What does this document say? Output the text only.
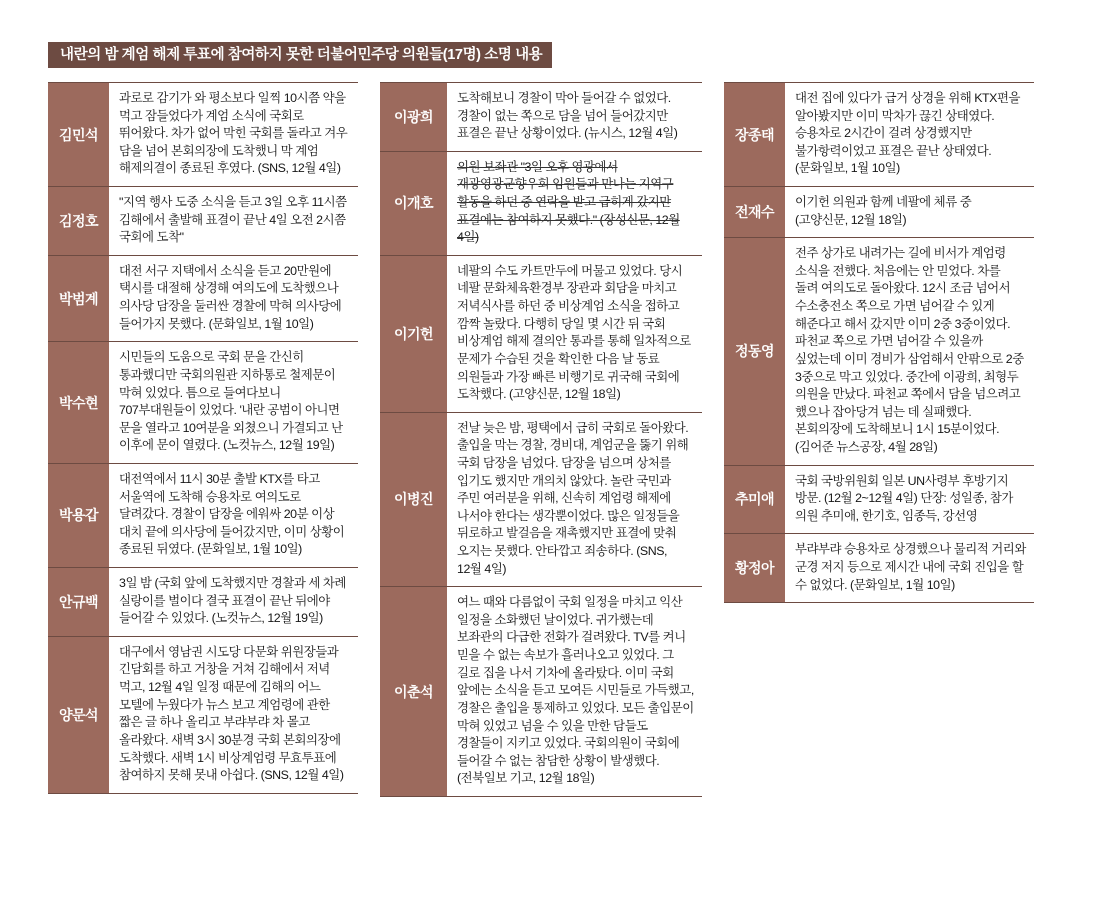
내란의 밤 계엄 해제 투표에 참여하지 못한 더불어민주당 의원들(17명) 소명 내용
김민석
과로로 감기가 와 평소보다 일찍 10시쯤 약을 먹고 잠들었다가 계엄 소식에 국회로 뛰어왔다. 차가 없어 막힌 국회를 돌라고 겨우 담을 넘어 본회의장에 도착했니 막 계엄 해제의결이 종료된 후였다. (SNS, 12월 4일)
김정호
"지역 행사 도중 소식을 듣고 3일 오후 11시쯤 김해에서 출발해 표결이 끝난 4일 오전 2시쯤 국회에 도착"
박범계
대전 서구 지택에서 소식을 듣고 20만원에 택시를 대절해 상경해 여의도에 도착했으나 의사당 담장을 둘러싼 경찰에 막혀 의사당에 들어가지 못했다. (문화일보, 1월 10일)
박수현
시민들의 도움으로 국회 문을 간신히 통과했디만 국회의원관 지하통로 철제문이 막혀 있었다. 틈으로 들여다보니 707부대원들이 있었다. '내란 공범이 아니면 문을 열라고 10여분을 외쳤으니 가결되고 난 이후에 문이 열렸다. (노컷뉴스, 12월 19일)
박용갑
대전역에서 11시 30분 출발 KTX를 타고 서울역에 도착해 승용차로 여의도로 달려갔다. 경찰이 담장을 에워싸 20분 이상 대치 끝에 의사당에 들어갔지만, 이미 상황이 종료된 뒤였다. (문화일보, 1월 10일)
안규백
3일 밤 (국회 앞에 도착했지만 경찰과 세 차례 실랑이를 벌이다 결국 표결이 끝난 뒤에야 들어갈 수 있었다. (노컷뉴스, 12월 19일)
양문석
대구에서 영남권 시도당 다문화 위원장들과 긴담회를 하고 거창을 거쳐 김해에서 저녁 먹고, 12월 4일 일정 때문에 김해의 어느 모텔에 누웠다가 뉴스 보고 계엄령에 관한 짧은 글 하나 올리고 부랴부랴 차 몰고 올라왔다. 새벽 3시 30분경 국회 본회의장에 도착했다. 새벽 1시 비상계엄령 무효투표에 참여하지 못해 못내 아쉽다. (SNS, 12월 4일)
이광희
도착해보니 경찰이 막아 들어갈 수 없었다. 경찰이 없는 쪽으로 담을 넘어 들어갔지만 표결은 끝난 상황이었다. (뉴시스, 12월 4일)
이개호
의원 보좌관 "3일 오후 영광에서 재광영광군향우회 임원들과 만나는 지역구 활동을 하던 중 연락을 받고 급히게 갔지만 표결에는 참여하지 못했다." (장성신문, 12월 4일)
이기헌
네팔의 수도 카트만두에 머물고 있었다. 당시 네팔 문화체육환경부 장관과 회담을 마치고 저녁식사를 하던 중 비상계엄 소식을 접하고 깜짝 놀랐다. 다행히 당일 몇 시간 뒤 국회 비상계엄 해제 결의안 통과를 통해 일차적으로 문제가 수습된 것을 확인한 다음 날 동료 의원들과 가장 빠른 비행기로 귀국해 국회에 도착했다. (고양신문, 12월 18일)
이병진
전날 늦은 밤, 평택에서 급히 국회로 돌아왔다. 출입을 막는 경찰, 경비대, 계엄군을 뚫기 위해 국회 담장을 넘었다. 담장을 넘으며 상처를 입기도 했지만 개의치 않았다. 놀란 국민과 주민 여러분을 위해, 신속히 계엄령 해제에 나서야 한다는 생각뿐이었다. 많은 일정들을 뒤로하고 발걸음을 재촉했지만 표결에 맞춰 오지는 못했다. 안타깝고 죄송하다. (SNS, 12월 4일)
이춘석
여느 때와 다름없이 국회 일정을 마치고 익산 일정을 소화했던 날이었다. 귀가했는데 보좌관의 다급한 전화가 걸려왔다. TV를 켜니 믿을 수 없는 속보가 흘러나오고 있었다. 그 길로 집을 나서 기차에 올라탔다. 이미 국회 앞에는 소식을 듣고 모여든 시민들로 가득했고, 경찰은 출입을 통제하고 있었다. 모든 출입문이 막혀 있었고 넘을 수 있을 만한 담들도 경찰들이 지키고 있었다. 국회의원이 국회에 들어갈 수 없는 참담한 상황이 발생했다. (전북일보 기고, 12월 18일)
장종태
대전 집에 있다가 급거 상경을 위해 KTX편을 알아봤지만 이미 막차가 끊긴 상태였다. 승용차로 2시간이 걸려 상경했지만 불가항력이었고 표결은 끝난 상태였다. (문화일보, 1월 10일)
전재수
이기헌 의원과 함께 네팔에 체류 중 (고양신문, 12월 18일)
정동영
전주 상가로 내려가는 길에 비서가 계엄령 소식을 전했다. 처음에는 안 믿었다. 차를 돌려 여의도로 돌아왔다. 12시 조금 넘어서 수소충전소 쪽으로 가면 넘어갈 수 있게 해준다고 해서 갔지만 이미 2중 3중이었다. 파천교 쪽으로 가면 넘어갈 수 있을까 싶었는데 이미 경비가 삼엄해서 안팎으로 2중 3중으로 막고 있었다. 중간에 이광희, 최형두 의원을 만났다. 파천교 쪽에서 담을 넘으려고 했으나 잡아당겨 넘는 데 실패했다. 본회의장에 도착해보니 1시 15분이었다. (김어준 뉴스공장, 4월 28일)
추미애
국회 국방위원회 일본 UN사령부 후방기지 방문. (12월 2~12월 4일) 단장: 성일종, 참가 의원 추미애, 한기호, 임종득, 강선영
황정아
부랴부랴 승용차로 상경했으나 물리적 거리와 군경 저지 등으로 제시간 내에 국회 진입을 할 수 없었다. (문화일보, 1월 10일)
